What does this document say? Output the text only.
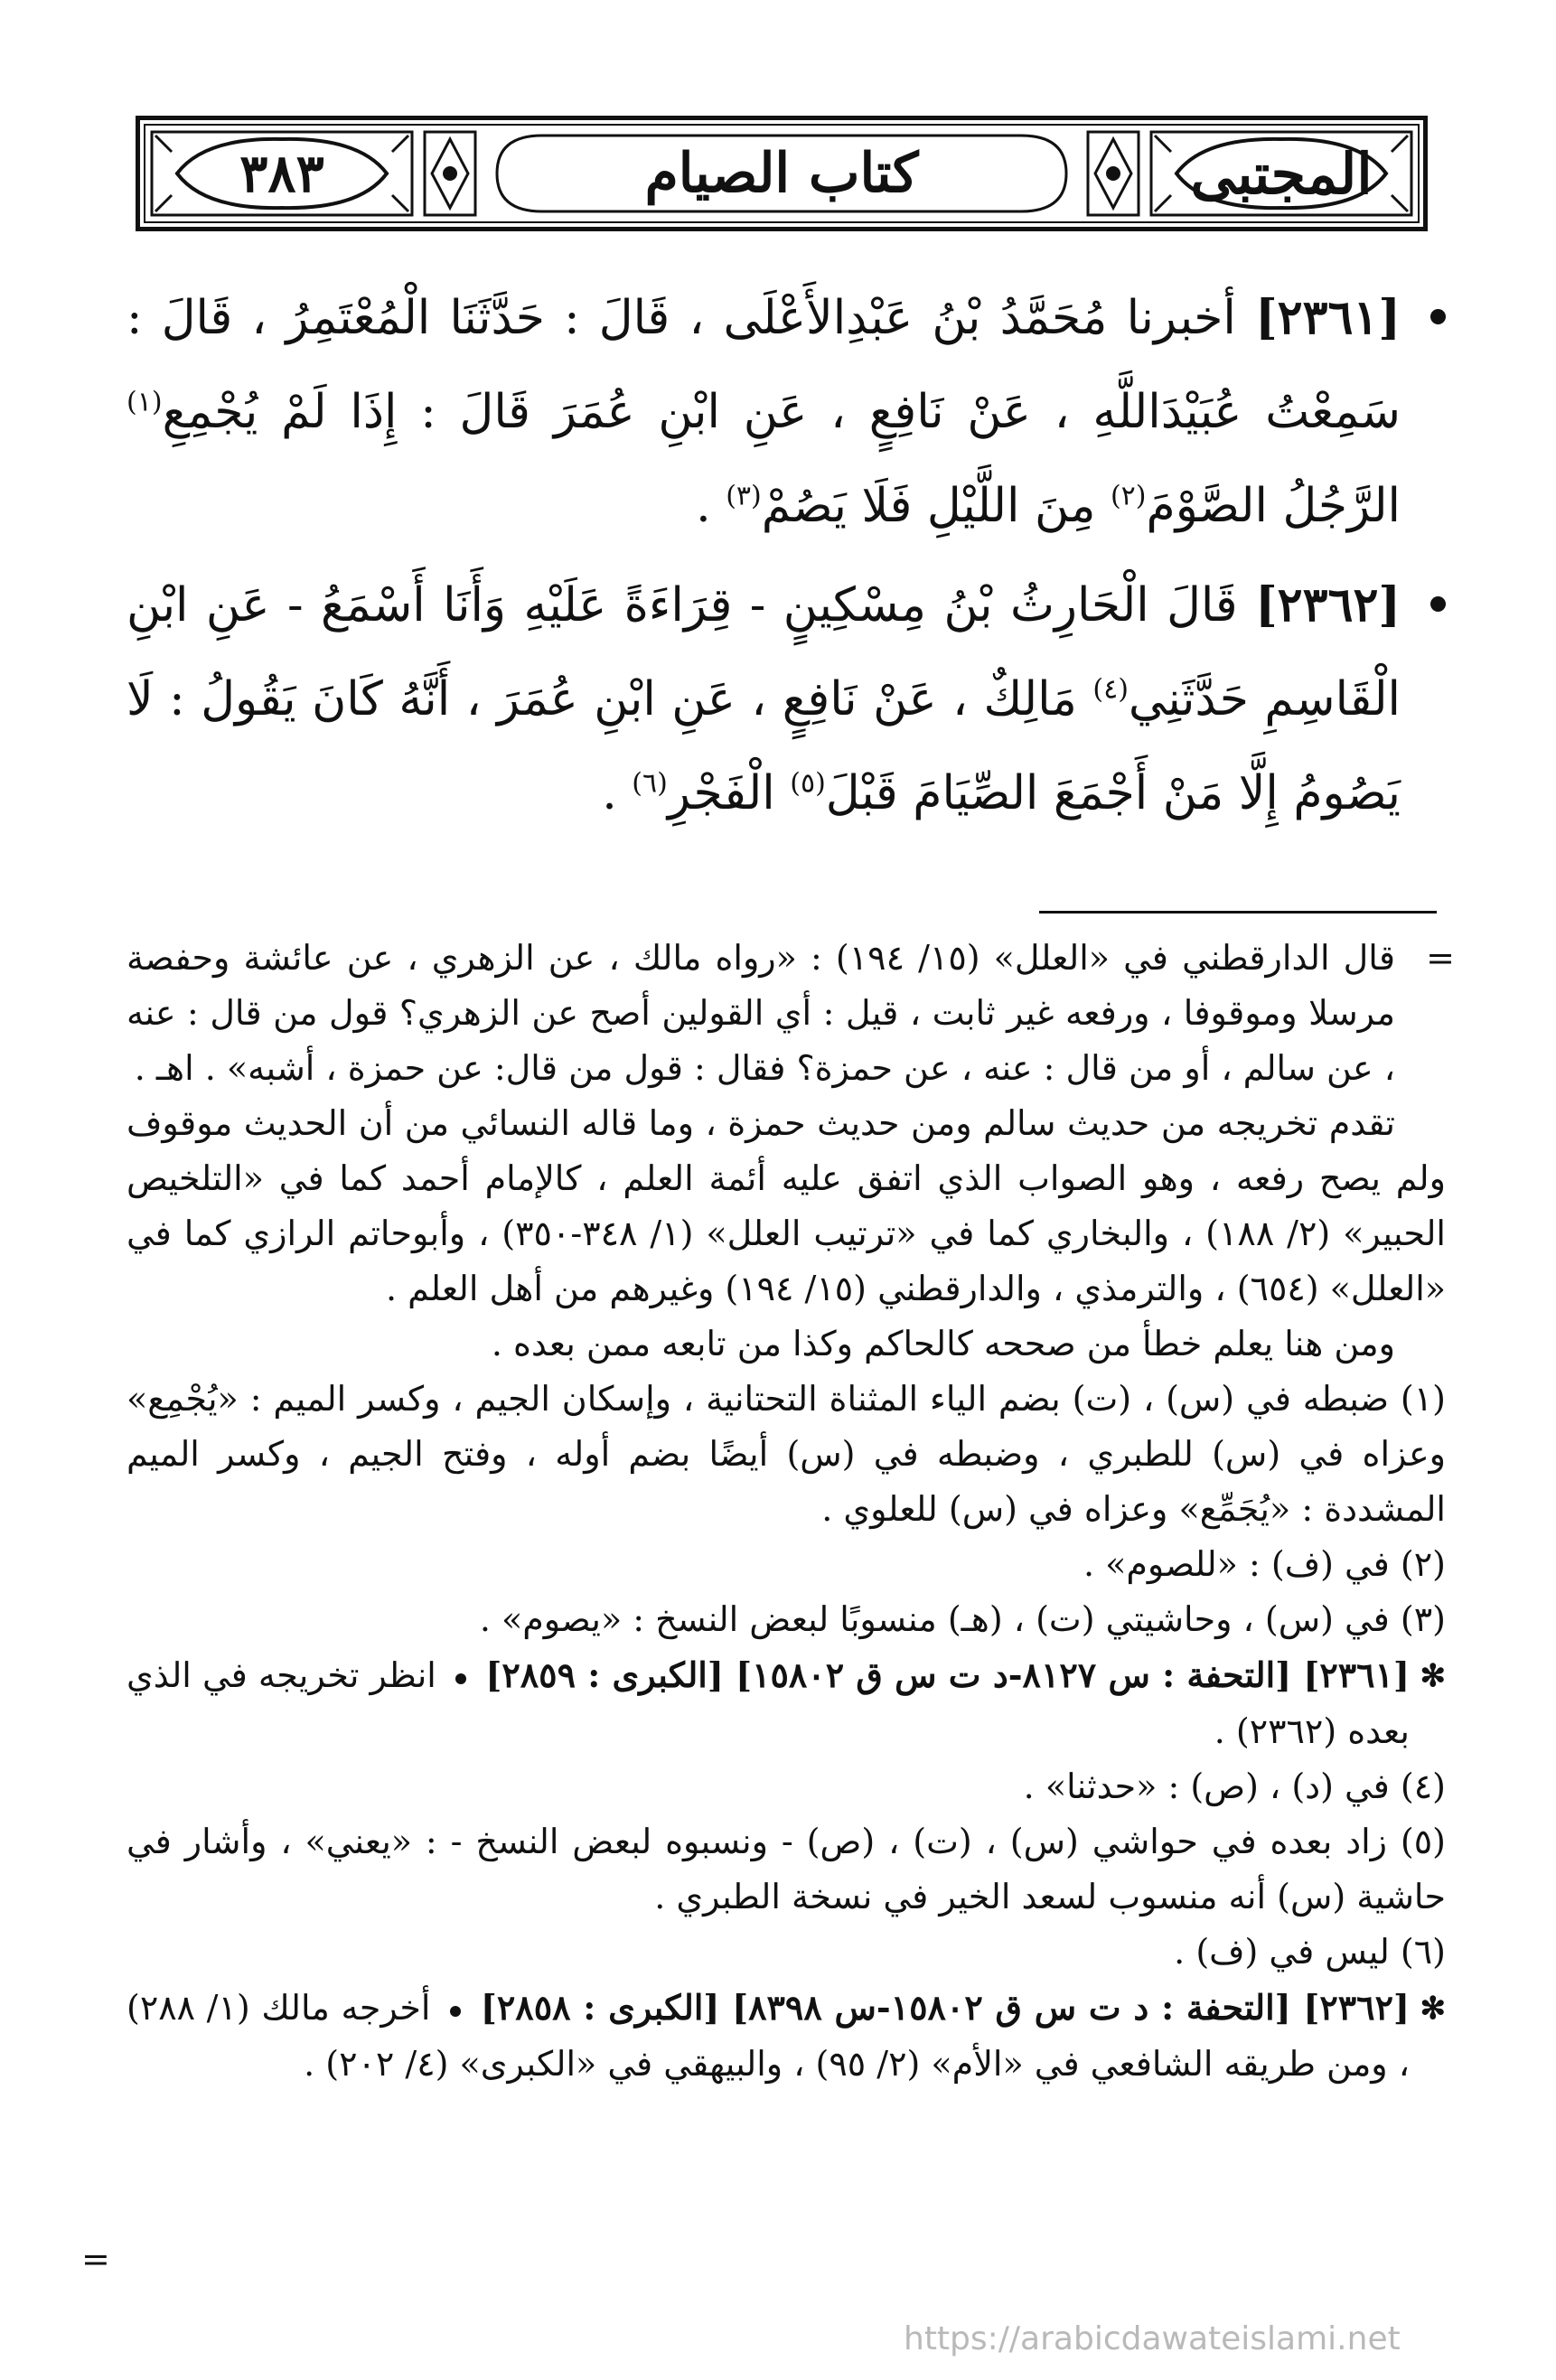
٣٨٣	كتاب الصيام	المجتبى

[٢٣٦١] أخبرنا مُحَمَّدُ بْنُ عَبْدِالأَعْلَى ، قَالَ : حَدَّثَنَا الْمُعْتَمِرُ ، قَالَ : سَمِعْتُ عُبَيْدَاللَّهِ ، عَنْ نَافِعٍ ، عَنِ ابْنِ عُمَرَ قَالَ : إِذَا لَمْ يُجْمِعِ$^{(١)}$ الرَّجُلُ الصَّوْمَ$^{(٢)}$ مِنَ اللَّيْلِ فَلَا يَصُمْ$^{(٣)}$ .

[٢٣٦٢] قَالَ الْحَارِثُ بْنُ مِسْكِينٍ - قِرَاءَةً عَلَيْهِ وَأَنَا أَسْمَعُ - عَنِ ابْنِ الْقَاسِمِ حَدَّثَنِي$^{(٤)}$ مَالِكٌ ، عَنْ نَافِعٍ ، عَنِ ابْنِ عُمَرَ ، أَنَّهُ كَانَ يَقُولُ : لَا يَصُومُ إِلَّا مَنْ أَجْمَعَ الصِّيَامَ قَبْلَ$^{(٥)}$ الْفَجْرِ$^{(٦)}$ .

=
قال الدارقطني في «العلل» (١٥/ ١٩٤) : «رواه مالك ، عن الزهري ، عن عائشة وحفصة مرسلا وموقوفا ، ورفعه غير ثابت ، قيل : أي القولين أصح عن الزهري؟ قول من قال : عنه ، عن سالم ، أو من قال : عنه ، عن حمزة؟ فقال : قول من قال: عن حمزة ، أشبه» . اهـ .

تقدم تخريجه من حديث سالم ومن حديث حمزة ، وما قاله النسائي من أن الحديث موقوف ولم يصح رفعه ، وهو الصواب الذي اتفق عليه أئمة العلم ، كالإمام أحمد كما في «التلخيص الحبير» (٢/ ١٨٨) ، والبخاري كما في «ترتيب العلل» (١/ ٣٤٨-٣٥٠) ، وأبوحاتم الرازي كما في «العلل» (٦٥٤) ، والترمذي ، والدارقطني (١٥/ ١٩٤) وغيرهم من أهل العلم .

ومن هنا يعلم خطأ من صححه كالحاكم وكذا من تابعه ممن بعده .

(١) ضبطه في (س) ، (ت) بضم الياء المثناة التحتانية ، وإسكان الجيم ، وكسر الميم : «يُجْمِع» وعزاه في (س) للطبري ، وضبطه في (س) أيضًا بضم أوله ، وفتح الجيم ، وكسر الميم المشددة : «يُجَمِّع» وعزاه في (س) للعلوي .

(٢) في (ف) : «للصوم» .

(٣) في (س) ، وحاشيتي (ت) ، (هـ) منسوبًا لبعض النسخ : «يصوم» .

✻
[٢٣٦١] [التحفة : س ٨١٢٧-د ت س ق ١٥٨٠٢] [الكبرى : ٢٨٥٩]  انظر تخريجه في الذي بعده (٢٣٦٢) .

(٤) في (د) ، (ص) : «حدثنا» .

(٥) زاد بعده في حواشي (س) ، (ت) ، (ص) - ونسبوه لبعض النسخ - : «يعني» ، وأشار في حاشية (س) أنه منسوب لسعد الخير في نسخة الطبري .

(٦) ليس في (ف) .

✻
[٢٣٦٢] [التحفة : د ت س ق ١٥٨٠٢-س ٨٣٩٨] [الكبرى : ٢٨٥٨]  أخرجه مالك (١/ ٢٨٨) ، ومن طريقه الشافعي في «الأم» (٢/ ٩٥) ، والبيهقي في «الكبرى» (٤/ ٢٠٢) .

=
https://arabicdawateislami.net
